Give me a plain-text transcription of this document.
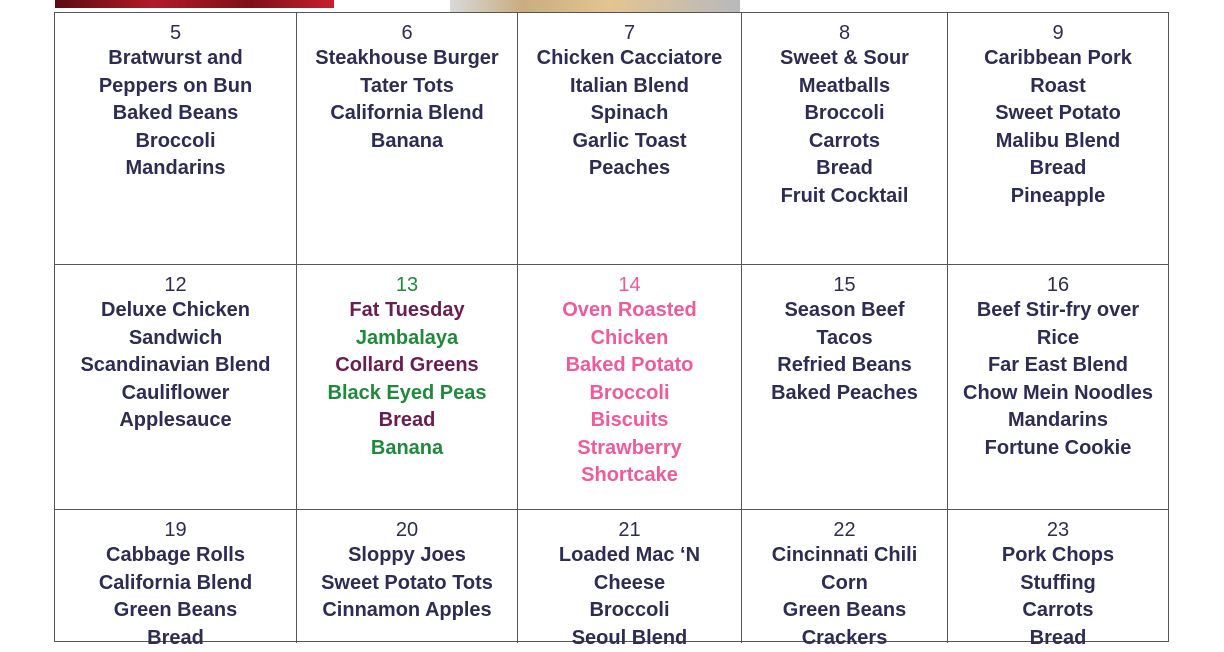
5
Bratwurst and
Peppers on Bun
Baked Beans
Broccoli
Mandarins
6
Steakhouse Burger
Tater Tots
California Blend
Banana
7
Chicken Cacciatore
Italian Blend
Spinach
Garlic Toast
Peaches
8
Sweet & Sour
Meatballs
Broccoli
Carrots
Bread
Fruit Cocktail
9
Caribbean Pork
Roast
Sweet Potato
Malibu Blend
Bread
Pineapple
12
Deluxe Chicken
Sandwich
Scandinavian Blend
Cauliflower
Applesauce
13
Fat Tuesday
Jambalaya
Collard Greens
Black Eyed Peas
Bread
Banana
14
Oven Roasted
Chicken
Baked Potato
Broccoli
Biscuits
Strawberry
Shortcake
15
Season Beef
Tacos
Refried Beans
Baked Peaches
16
Beef Stir-fry over
Rice
Far East Blend
Chow Mein Noodles
Mandarins
Fortune Cookie
19
Cabbage Rolls
California Blend
Green Beans
Bread
20
Sloppy Joes
Sweet Potato Tots
Cinnamon Apples
21
Loaded Mac ‘N
Cheese
Broccoli
Seoul Blend
22
Cincinnati Chili
Corn
Green Beans
Crackers
23
Pork Chops
Stuffing
Carrots
Bread
